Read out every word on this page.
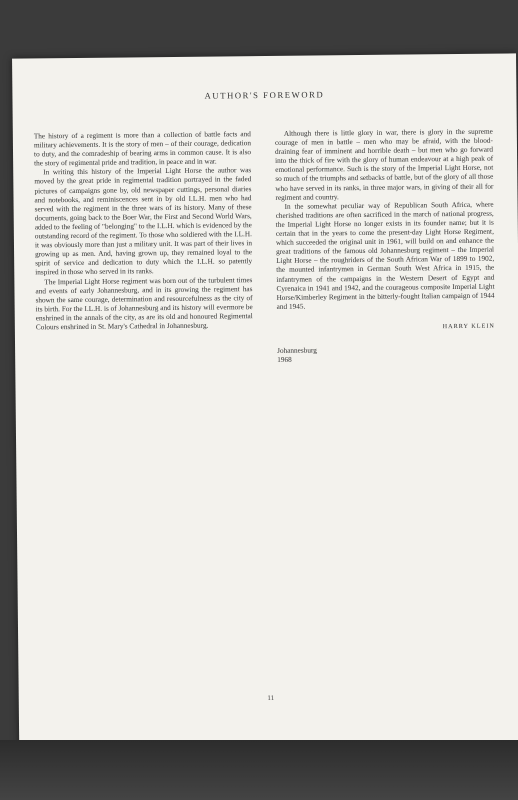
AUTHOR'S FOREWORD

The history of a regiment is more than a collection of battle facts and military achievements. It is the story of men – of their courage, dedication to duty, and the comradeship of bearing arms in common cause. It is also the story of regimental pride and tradition, in peace and in war.

In writing this history of the Imperial Light Horse the author was moved by the great pride in regimental tradition portrayed in the faded pictures of campaigns gone by, old newspaper cuttings, personal diaries and notebooks, and reminiscences sent in by old I.L.H. men who had served with the regiment in the three wars of its history. Many of these documents, going back to the Boer War, the First and Second World Wars, added to the feeling of "belonging" to the I.L.H. which is evidenced by the outstanding record of the regiment. To those who soldiered with the I.L.H. it was obviously more than just a military unit. It was part of their lives in growing up as men. And, having grown up, they remained loyal to the spirit of service and dedication to duty which the I.L.H. so patently inspired in those who served in its ranks.

The Imperial Light Horse regiment was born out of the turbulent times and events of early Johannesburg, and in its growing the regiment has shown the same courage, determination and resourcefulness as the city of its birth. For the I.L.H. is of Johannesburg and its history will evermore be enshrined in the annals of the city, as are its old and honoured Regimental Colours enshrined in St. Mary's Cathedral in Johannesburg.

Although there is little glory in war, there is glory in the supreme courage of men in battle – men who may be afraid, with the blood-draining fear of imminent and horrible death – but men who go forward into the thick of fire with the glory of human endeavour at a high peak of emotional performance. Such is the story of the Imperial Light Horse, not so much of the triumphs and setbacks of battle, but of the glory of all those who have served in its ranks, in three major wars, in giving of their all for regiment and country.

In the somewhat peculiar way of Republican South Africa, where cherished traditions are often sacrificed in the march of national progress, the Imperial Light Horse no longer exists in its founder name; but it is certain that in the years to come the present-day Light Horse Regiment, which succeeded the original unit in 1961, will build on and enhance the great traditions of the famous old Johannesburg regiment – the Imperial Light Horse – the roughriders of the South African War of 1899 to 1902, the mounted infantrymen in German South West Africa in 1915, the infantrymen of the campaigns in the Western Desert of Egypt and Cyrenaica in 1941 and 1942, and the courageous composite Imperial Light Horse/Kimberley Regiment in the bitterly-fought Italian campaign of 1944 and 1945.

HARRY KLEIN
Johannesburg
1968
11
